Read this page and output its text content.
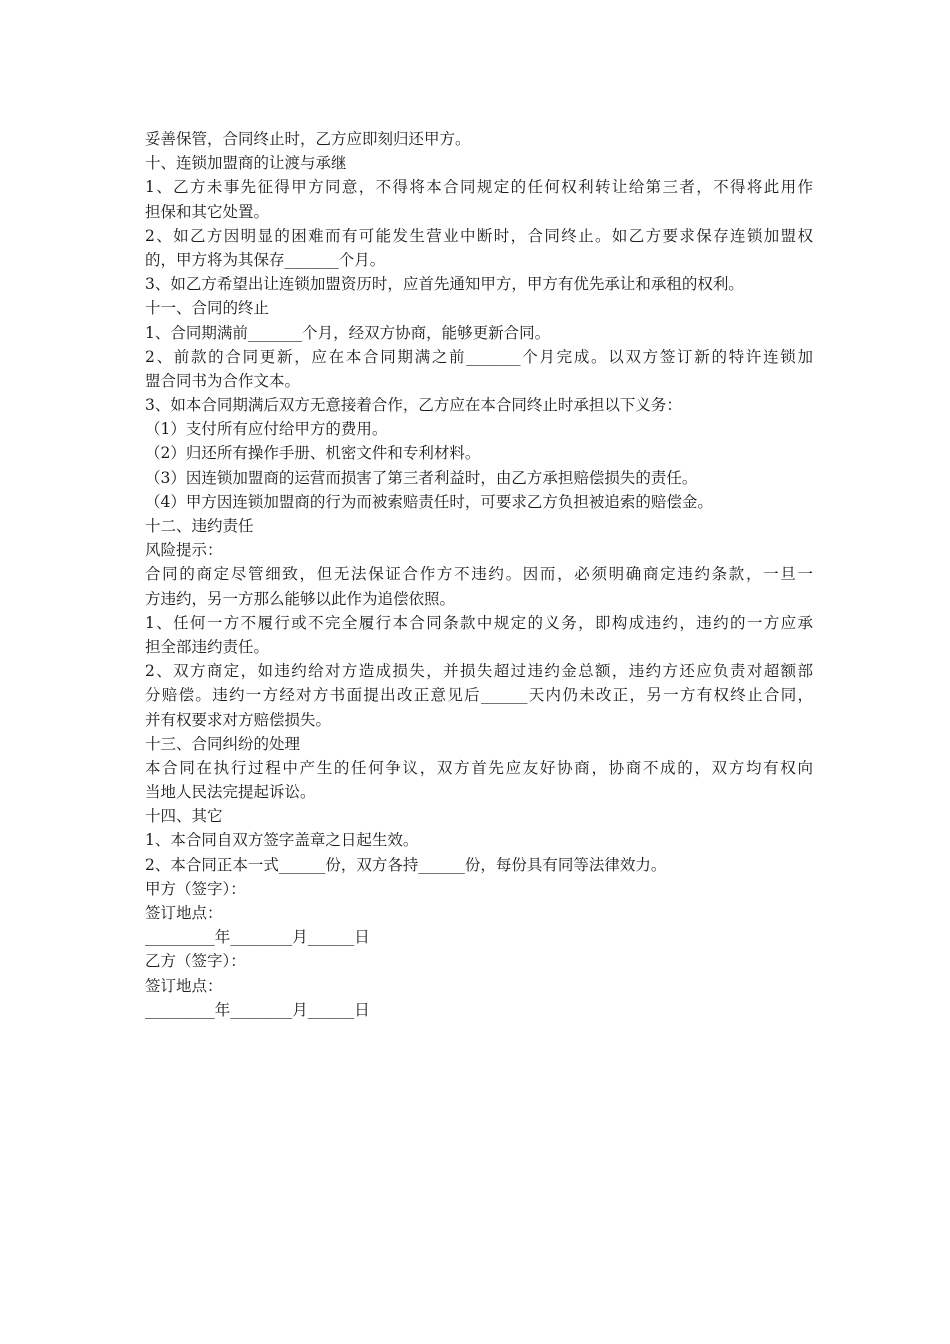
妥善保管，合同终止时，乙方应即刻归还甲方。
十、连锁加盟商的让渡与承继
1、乙方未事先征得甲方同意，不得将本合同规定的任何权利转让给第三者，不得将此用作
担保和其它处置。
2、如乙方因明显的困难而有可能发生营业中断时，合同终止。如乙方要求保存连锁加盟权
的，甲方将为其保存_______个月。
3、如乙方希望出让连锁加盟资历时，应首先通知甲方，甲方有优先承让和承租的权利。
十一、合同的终止
1、合同期满前_______个月，经双方协商，能够更新合同。
2、前款的合同更新，应在本合同期满之前_______个月完成。以双方签订新的特许连锁加
盟合同书为合作文本。
3、如本合同期满后双方无意接着合作，乙方应在本合同终止时承担以下义务：
（1）支付所有应付给甲方的费用。
（2）归还所有操作手册、机密文件和专利材料。
（3）因连锁加盟商的运营而损害了第三者利益时，由乙方承担赔偿损失的责任。
（4）甲方因连锁加盟商的行为而被索赔责任时，可要求乙方负担被追索的赔偿金。
十二、违约责任
风险提示：
合同的商定尽管细致，但无法保证合作方不违约。因而，必须明确商定违约条款，一旦一
方违约，另一方那么能够以此作为追偿依照。
1、任何一方不履行或不完全履行本合同条款中规定的义务，即构成违约，违约的一方应承
担全部违约责任。
2、双方商定，如违约给对方造成损失，并损失超过违约金总额，违约方还应负责对超额部
分赔偿。违约一方经对方书面提出改正意见后______天内仍未改正，另一方有权终止合同，
并有权要求对方赔偿损失。
十三、合同纠纷的处理
本合同在执行过程中产生的任何争议，双方首先应友好协商，协商不成的，双方均有权向
当地人民法完提起诉讼。
十四、其它
1、本合同自双方签字盖章之日起生效。
2、本合同正本一式______份，双方各持______份，每份具有同等法律效力。
甲方（签字）：
签订地点：
_________年________月______日
乙方（签字）：
签订地点：
_________年________月______日
